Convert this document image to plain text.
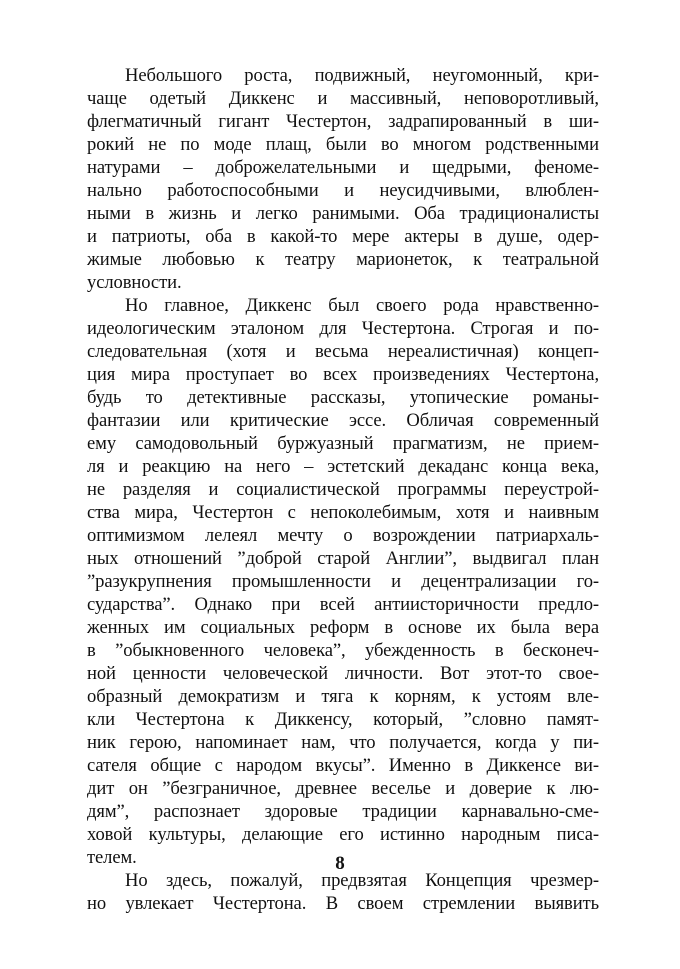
Небольшого роста, подвижный, неугомонный, кри-
чаще одетый Диккенс и массивный, неповоротливый,
флегматичный гигант Честертон, задрапированный в ши-
рокий не по моде плащ, были во многом родственными
натурами – доброжелательными и щедрыми, феноме-
нально работоспособными и неусидчивыми, влюблен-
ными в жизнь и легко ранимыми. Оба традиционалисты
и патриоты, оба в какой-то мере актеры в душе, одер-
жимые любовью к театру марионеток, к театральной
условности.
Но главное, Диккенс был своего рода нравственно-
идеологическим эталоном для Честертона. Строгая и по-
следовательная (хотя и весьма нереалистичная) концеп-
ция мира проступает во всех произведениях Честертона,
будь то детективные рассказы, утопические романы-
фантазии или критические эссе. Обличая современный
ему самодовольный буржуазный прагматизм, не прием-
ля и реакцию на него – эстетский декаданс конца века,
не разделяя и социалистической программы переустрой-
ства мира, Честертон с непоколебимым, хотя и наивным
оптимизмом лелеял мечту о возрождении патриархаль-
ных отношений ”доброй старой Англии”, выдвигал план
”разукрупнения промышленности и децентрализации го-
сударства”. Однако при всей антиисторичности предло-
женных им социальных реформ в основе их была вера
в ”обыкновенного человека”, убежденность в бесконеч-
ной ценности человеческой личности. Вот этот-то свое-
образный демократизм и тяга к корням, к устоям вле-
кли Честертона к Диккенсу, который, ”словно памят-
ник герою, напоминает нам, что получается, когда у пи-
сателя общие с народом вкусы”. Именно в Диккенсе ви-
дит он ”безграничное, древнее веселье и доверие к лю-
дям”, распознает здоровые традиции карнавально-сме-
ховой культуры, делающие его истинно народным писа-
телем.
Но здесь, пожалуй, предвзятая Концепция чрезмер-
но увлекает Честертона. В своем стремлении выявить
8
